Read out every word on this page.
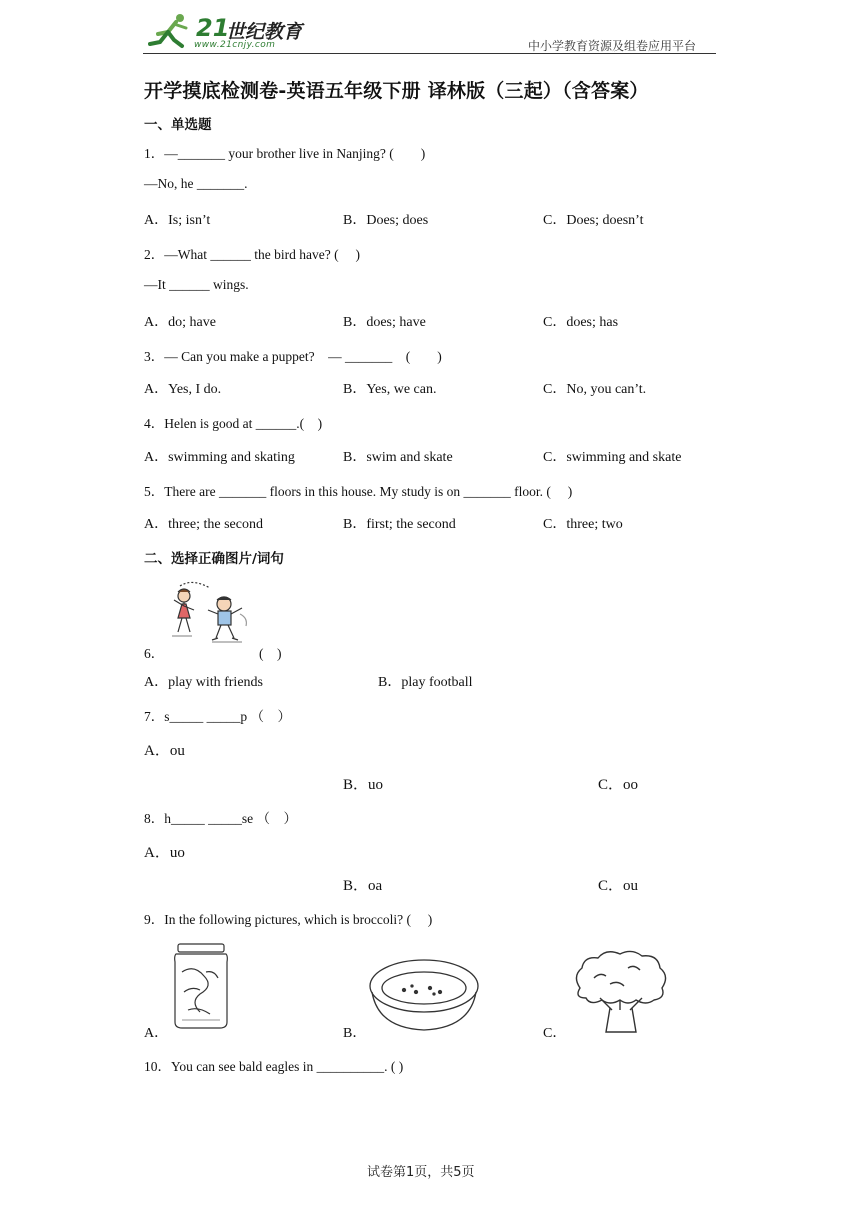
21
世纪教育
www.21cnjy.com	中小学教育资源及组卷应用平台
开学摸底检测卷-英语五年级下册 译林版（三起）（含答案）
一、单选题
1．—_______ your brother live in Nanjing? (　　)
—No, he _______.
A．Is; isn’t	B．Does; does	C．Does; doesn’t
2．—What ______ the bird have? (　 )
—It ______ wings.
A．do; have	B．does; have	C．does; has
3．— Can you make a puppet?　— _______　(　　)
A．Yes, I do.	B．Yes, we can.	C．No, you can’t.
4．Helen is good at ______.(　)
A．swimming and skating	B．swim and skate	C．swimming and skate
5．There are _______ floors in this house. My study is on _______ floor. (　 )
A．three; the second	B．first; the second	C．three; two
二、选择正确图片/词句
6．	(　)
A．play with friends	B．play football
7．s_____ _____p （　）
A．ou
B．uo	C．oo
8．h_____ _____se （　）
A．uo
B．oa	C．ou
9．In the following pictures, which is broccoli? (　 )
A．	B．	C．
10．You can see bald eagles in __________. ( )
试卷第1页，共5页
